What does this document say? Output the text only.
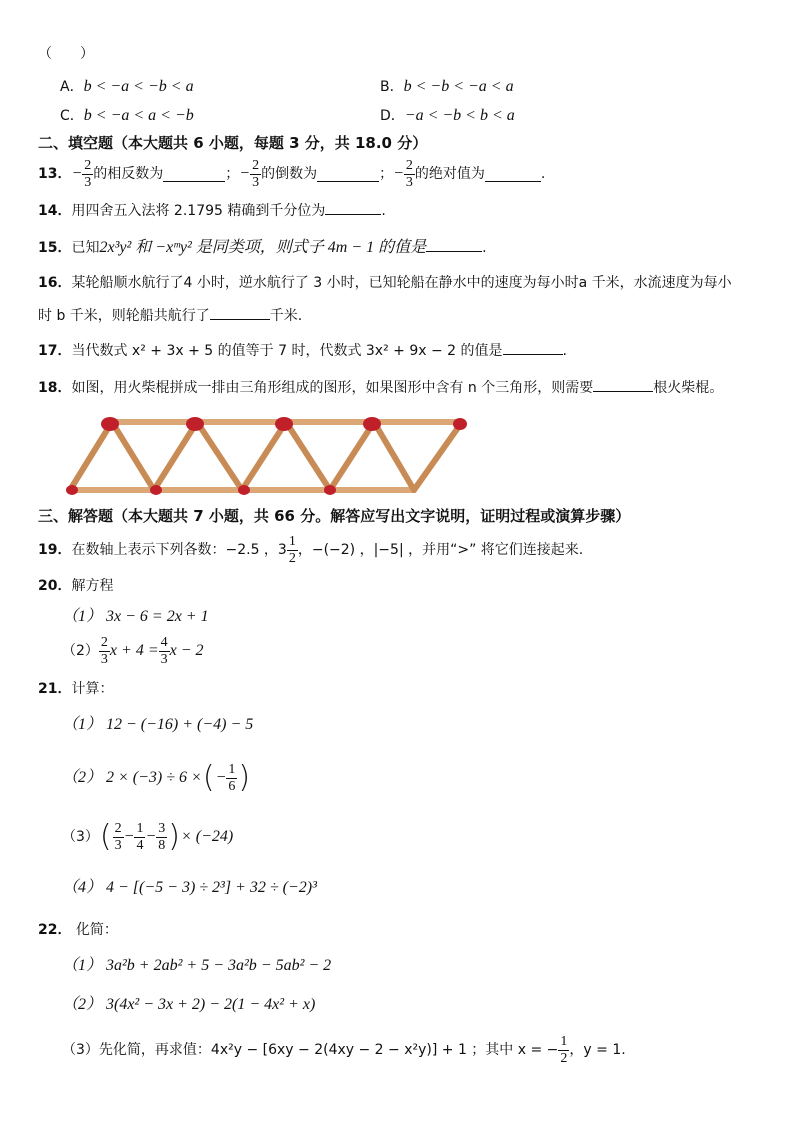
（　　）
A．b < −a < −b < a	B．b < −b < −a < a
C．b < −a < a < −b	D．−a < −b < b < a
二、填空题（本大题共 6 小题，每题 3 分，共 18.0 分）
13． − $\frac{2}{3}$ 的相反数为	； − $\frac{2}{3}$ 的倒数为	； − $\frac{2}{3}$ 的绝对值为	.
14．用四舍五入法将 2.1795 精确到千分位为	.
15．已知2x³y² 和 −xᵐy² 是同类项，则式子 4m − 1 的值是	.
16．某轮船顺水航行了4 小时，逆水航行了 3 小时，已知轮船在静水中的速度为每小时a 千米，水流速度为每小
时 b 千米，则轮船共航行了	千米.
17．当代数式 x² + 3x + 5 的值等于 7 时，代数式 3x² + 9x − 2 的值是	.
18．如图，用火柴棍拼成一排由三角形组成的图形，如果图形中含有 n 个三角形，则需要	根火柴棍。
三、解答题（本大题共 7 小题，共 66 分。解答应写出文字说明，证明过程或演算步骤）
19． 在数轴上表示下列各数：−2.5 ，$3 \frac{1}{2}$ ，−(−2) ，|−5| ，并用“>” 将它们连接起来.
20．解方程
（1） 3x − 6 = 2x + 1
$(2) \frac{2}{3}$ $x + 4 = \frac{4}{3}$ x − 2
21．计算：
（1） 12 − (−16) + (−4) − 5
（2） 2 × (−3) ÷ 6 × ( − $\frac{1}{6}$ )
（3） ( $\frac{2}{3} - \frac{1}{4} - \frac{3}{8}$ ) × (−24)
（4） 4 − [(−5 − 3) ÷ 2³] + 32 ÷ (−2)³
22． 化简：
（1） 3a²b + 2ab² + 5 − 3a²b − 5ab² − 2
（2） 3(4x² − 3x + 2) − 2(1 − 4x² + x)
（3）先化简，再求值：4x²y − [6xy − 2(4xy − 2 − x²y)] + 1 ；其中 x = − $\frac{1}{2}$ ，y = 1.
